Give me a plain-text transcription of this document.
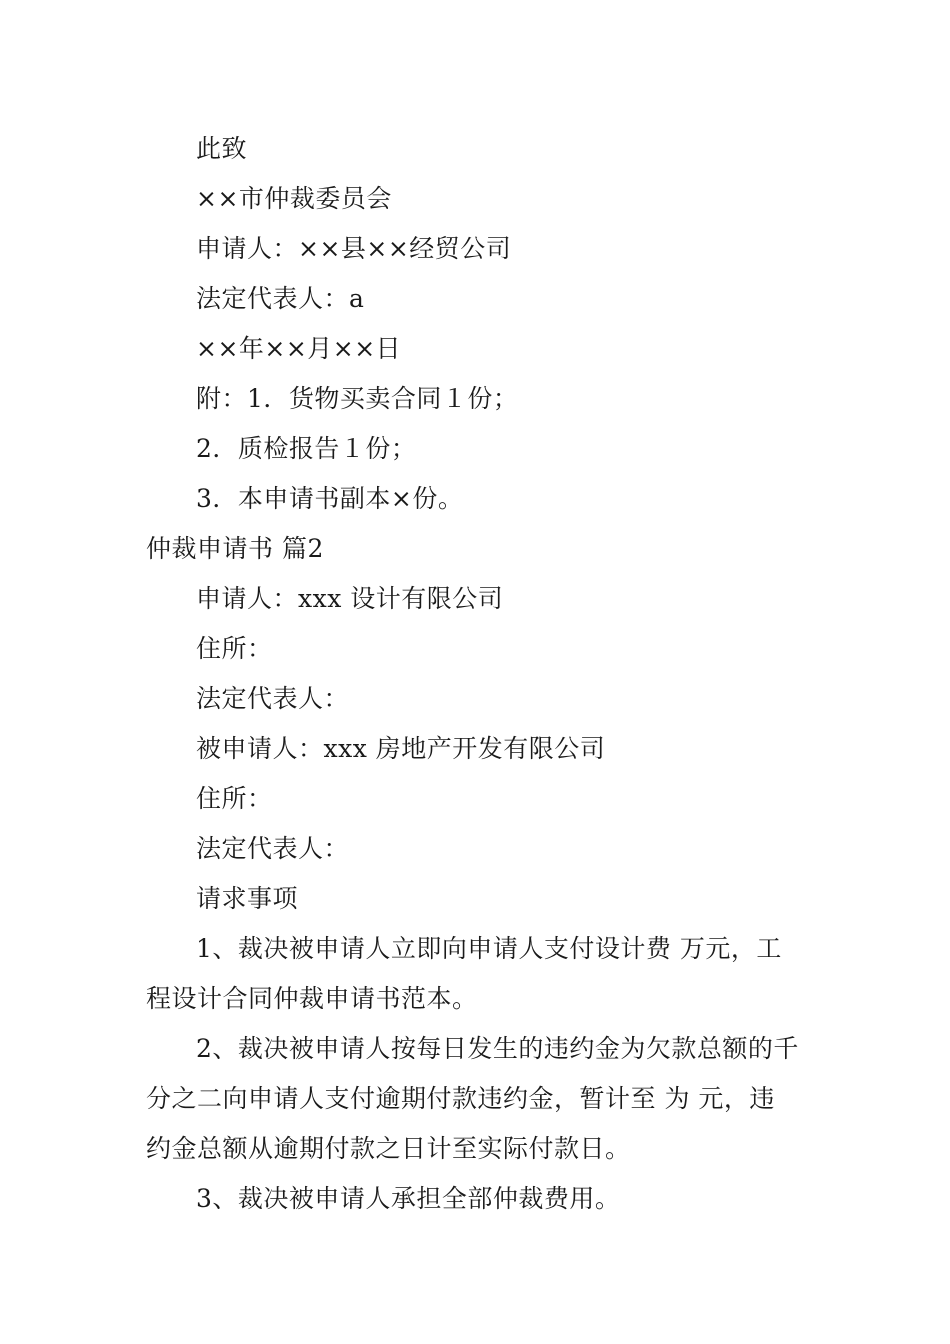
此致
××市仲裁委员会
申请人：××县××经贸公司
法定代表人：a
××年××月××日
附：1．货物买卖合同１份；
2．质检报告１份；
3．本申请书副本×份。
仲裁申请书 篇2
申请人：xxx 设计有限公司
住所：
法定代表人：
被申请人：xxx 房地产开发有限公司
住所：
法定代表人：
请求事项
1、裁决被申请人立即向申请人支付设计费 万元，工
程设计合同仲裁申请书范本。
2、裁决被申请人按每日发生的违约金为欠款总额的千
分之二向申请人支付逾期付款违约金，暂计至 为 元，违
约金总额从逾期付款之日计至实际付款日。
3、裁决被申请人承担全部仲裁费用。
